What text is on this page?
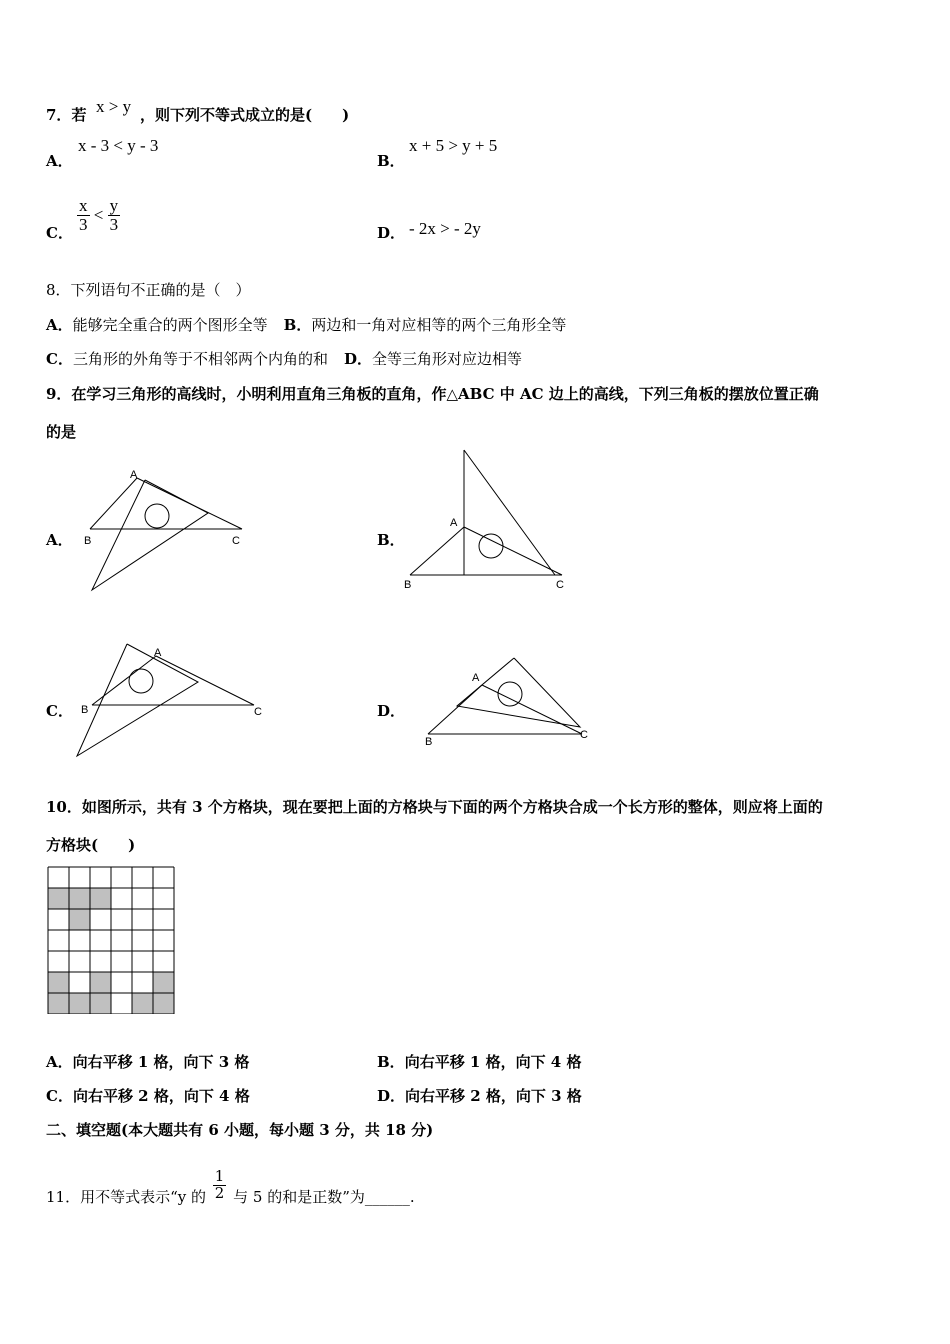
7．若 x > y ，则下列不等式成立的是(　　)
A．
x - 3 < y - 3
B．
x + 5 > y + 5
C． $\frac{x}{3} < \frac{y}{3}$	D． - 2x > - 2y
8．下列语句不正确的是（　）
A．能够完全重合的两个图形全等 B．两边和一角对应相等的两个三角形全等
C．三角形的外角等于不相邻两个内角的和 D．全等三角形对应边相等
9．在学习三角形的高线时，小明利用直角三角板的直角，作△ABC 中 AC 边上的高线，下列三角板的摆放位置正确
的是
A．	B．
C．	D．
A
B	C
A
B	C
A
B	C
A
B
C
10．如图所示，共有 3 个方格块，现在要把上面的方格块与下面的两个方格块合成一个长方形的整体，则应将上面的
方格块(　　)
A．向右平移 1 格，向下 3 格	B．向右平移 1 格，向下 4 格
C．向右平移 2 格，向下 4 格	D．向右平移 2 格，向下 3 格
二、填空题(本大题共有 6 小题，每小题 3 分，共 18 分)
11．用不等式表示“y 的 $\frac{1}{2}$ 与 5 的和是正数”为______.
